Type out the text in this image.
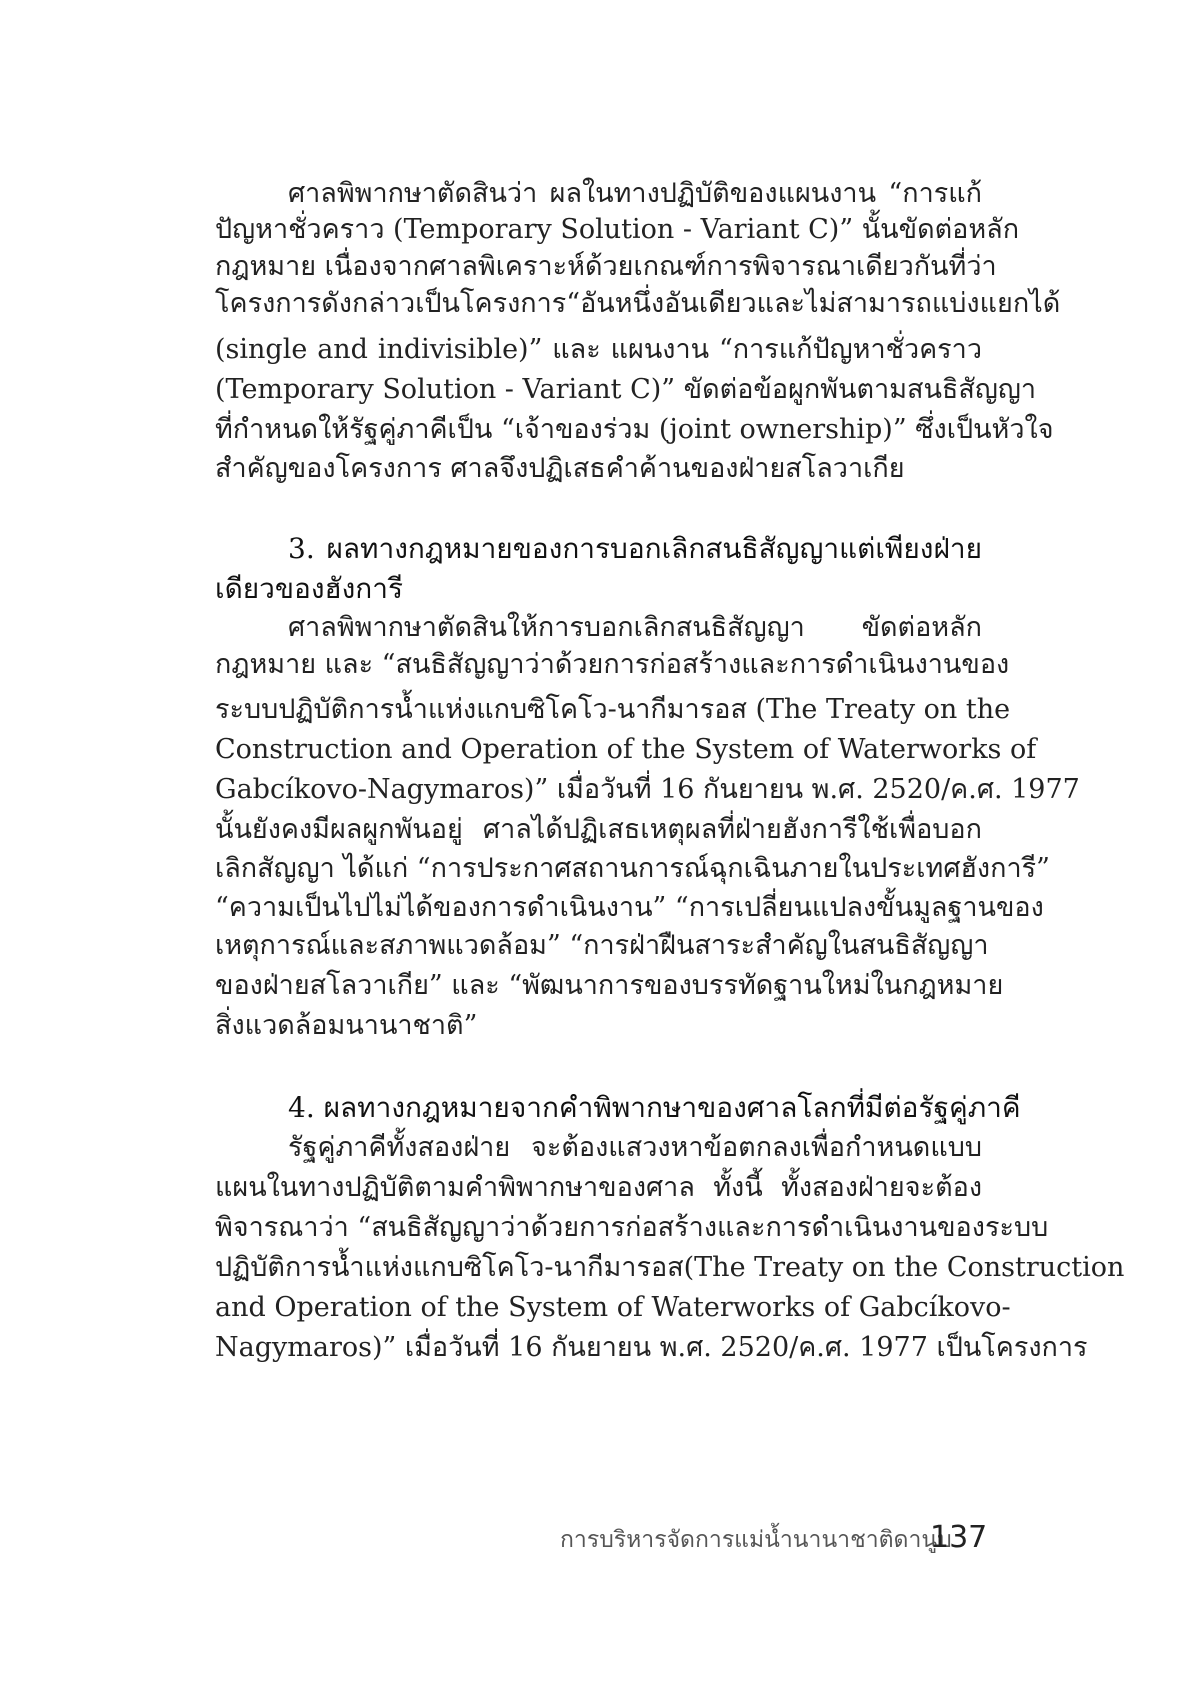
ศาลพิพากษาตัดสินว่า ผลในทางปฏิบัติของแผนงาน “การแก้
ปัญหาชั่วคราว (Temporary Solution - Variant C)” นั้นขัดต่อหลัก
กฎหมาย เนื่องจากศาลพิเคราะห์ด้วยเกณฑ์การพิจารณาเดียวกันที่ว่า
โครงการดังกล่าวเป็นโครงการ“อันหนึ่งอันเดียวและไม่สามารถแบ่งแยกได้
(single and indivisible)” และ แผนงาน “การแก้ปัญหาชั่วคราว
(Temporary Solution - Variant C)” ขัดต่อข้อผูกพันตามสนธิสัญญา
ที่กำหนดให้รัฐคู่ภาคีเป็น “เจ้าของร่วม (joint ownership)” ซึ่งเป็นหัวใจ
สำคัญของโครงการ ศาลจึงปฏิเสธคำค้านของฝ่ายสโลวาเกีย
3. ผลทางกฎหมายของการบอกเลิกสนธิสัญญาแต่เพียงฝ่าย
เดียวของฮังการี
ศาลพิพากษาตัดสินให้การบอกเลิกสนธิสัญญา ขัดต่อหลัก
กฎหมาย และ “สนธิสัญญาว่าด้วยการก่อสร้างและการดำเนินงานของ
ระบบปฏิบัติการน้ำแห่งแกบซิโคโว-นากีมารอส (The Treaty on the
Construction and Operation of the System of Waterworks of
Gabcíkovo-Nagymaros)” เมื่อวันที่ 16 กันยายน พ.ศ. 2520/ค.ศ. 1977
นั้นยังคงมีผลผูกพันอยู่ ศาลได้ปฏิเสธเหตุผลที่ฝ่ายฮังการีใช้เพื่อบอก
เลิกสัญญา ได้แก่ “การประกาศสถานการณ์ฉุกเฉินภายในประเทศฮังการี”
“ความเป็นไปไม่ได้ของการดำเนินงาน” “การเปลี่ยนแปลงขั้นมูลฐานของ
เหตุการณ์และสภาพแวดล้อม” “การฝ่าฝืนสาระสำคัญในสนธิสัญญา
ของฝ่ายสโลวาเกีย” และ “พัฒนาการของบรรทัดฐานใหม่ในกฎหมาย
สิ่งแวดล้อมนานาชาติ”
4. ผลทางกฎหมายจากคำพิพากษาของศาลโลกที่มีต่อรัฐคู่ภาคี
รัฐคู่ภาคีทั้งสองฝ่าย จะต้องแสวงหาข้อตกลงเพื่อกำหนดแบบ
แผนในทางปฏิบัติตามคำพิพากษาของศาล ทั้งนี้ ทั้งสองฝ่ายจะต้อง
พิจารณาว่า “สนธิสัญญาว่าด้วยการก่อสร้างและการดำเนินงานของระบบ
ปฏิบัติการน้ำแห่งแกบซิโคโว-นากีมารอส(The Treaty on the Construction
and Operation of the System of Waterworks of Gabcíkovo-
Nagymaros)” เมื่อวันที่ 16 กันยายน พ.ศ. 2520/ค.ศ. 1977 เป็นโครงการ
การบริหารจัดการแม่น้ำนานาชาติดานูบ
137
